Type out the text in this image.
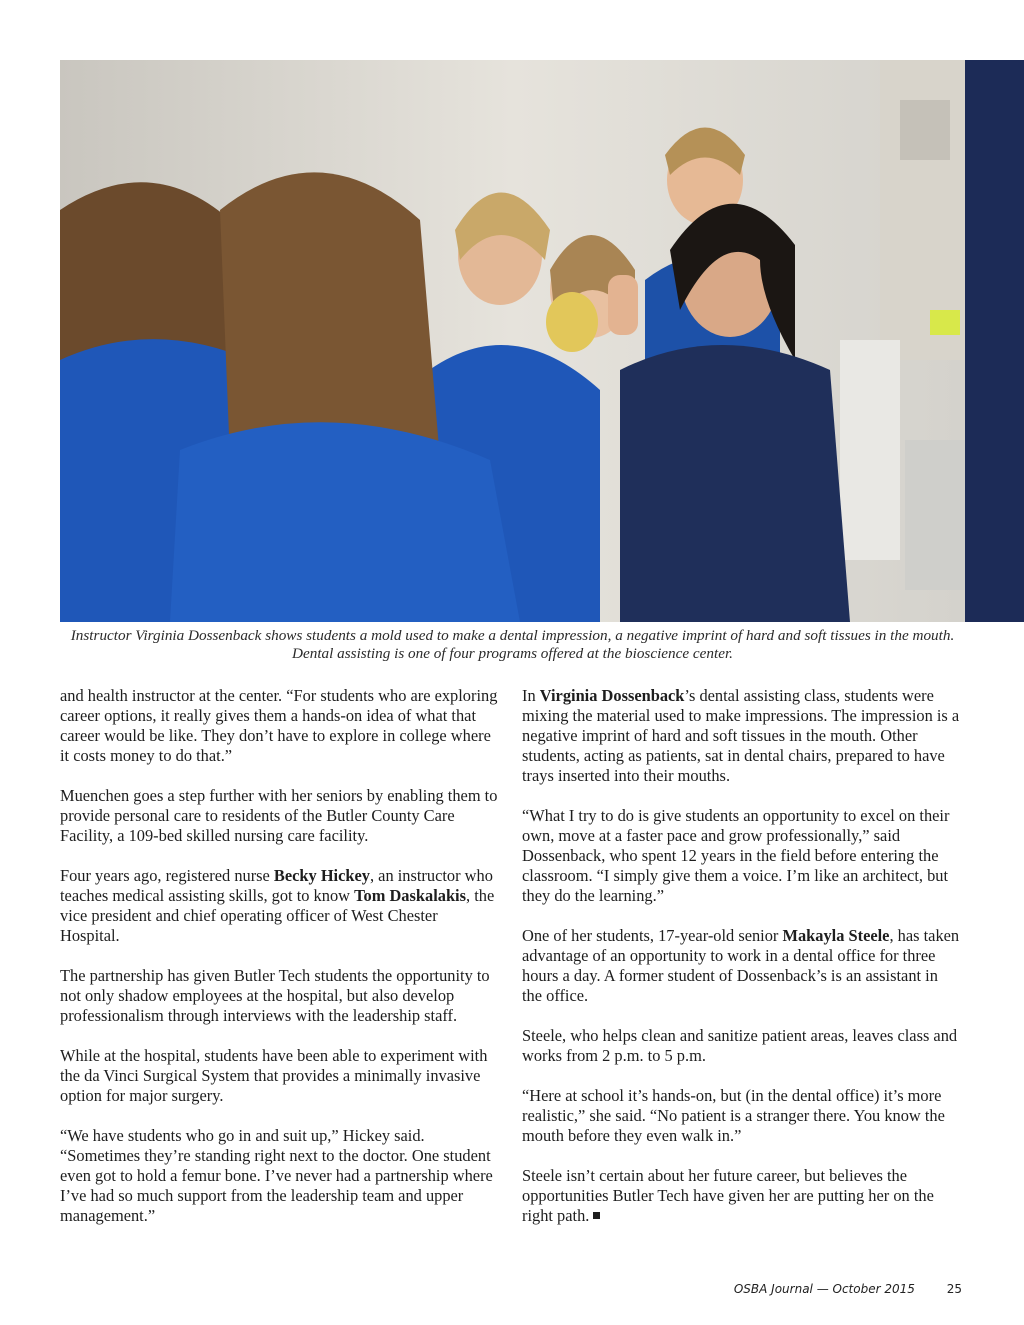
Instructor Virginia Dossenback shows students a mold used to make a dental impression, a negative imprint of hard and soft tissues in the mouth. Dental assisting is one of four programs offered at the bioscience center.

and health instructor at the center. “For students who are exploring career options, it really gives them a hands-on idea of what that career would be like. They don’t have to explore in college where it costs money to do that.”

Muenchen goes a step further with her seniors by enabling them to provide personal care to residents of the Butler County Care Facility, a 109-bed skilled nursing care facility.

Four years ago, registered nurse Becky Hickey, an instructor who teaches medical assisting skills, got to know Tom Daskalakis, the vice president and chief operating officer of West Chester Hospital.

The partnership has given Butler Tech students the opportunity to not only shadow employees at the hospital, but also develop professionalism through interviews with the leadership staff.

While at the hospital, students have been able to experiment with the da Vinci Surgical System that provides a minimally invasive option for major surgery.

“We have students who go in and suit up,” Hickey said. “Sometimes they’re standing right next to the doctor. One student even got to hold a femur bone. I’ve never had a partnership where I’ve had so much support from the leadership team and upper management.”

In Virginia Dossenback’s dental assisting class, students were mixing the material used to make impressions. The impression is a negative imprint of hard and soft tissues in the mouth. Other students, acting as patients, sat in dental chairs, prepared to have trays inserted into their mouths.

“What I try to do is give students an opportunity to excel on their own, move at a faster pace and grow professionally,” said Dossenback, who spent 12 years in the field before entering the classroom. “I simply give them a voice. I’m like an architect, but they do the learning.”

One of her students, 17-year-old senior Makayla Steele, has taken advantage of an opportunity to work in a dental office for three hours a day. A former student of Dossenback’s is an assistant in the office.

Steele, who helps clean and sanitize patient areas, leaves class and works from 2 p.m. to 5 p.m.

“Here at school it’s hands-on, but (in the dental office) it’s more realistic,” she said. “No patient is a stranger there. You know the mouth before they even walk in.”

Steele isn’t certain about her future career, but believes the opportunities Butler Tech have given her are putting her on the right path.

OSBA Journal — October 2015	25
